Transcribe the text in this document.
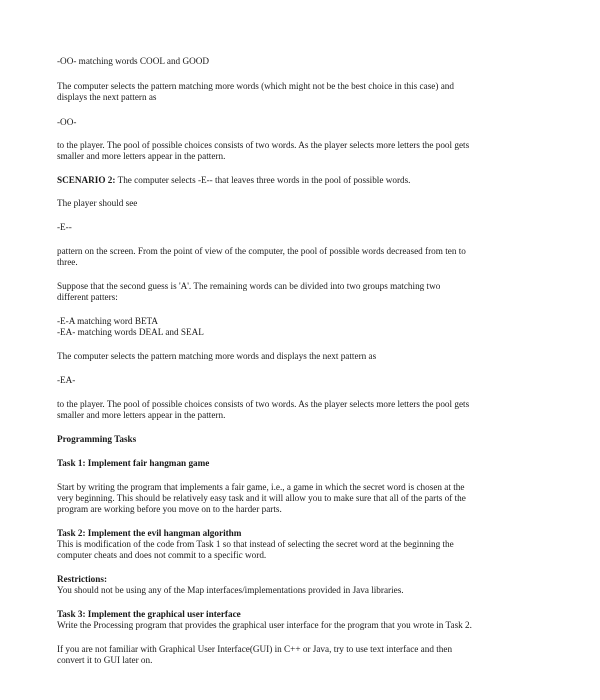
-OO- matching words COOL and GOOD

The computer selects the pattern matching more words (which might not be the best choice in this case) and

displays the next pattern as

-OO-

to the player. The pool of possible choices consists of two words. As the player selects more letters the pool gets

smaller and more letters appear in the pattern.

SCENARIO 2: The computer selects -E-- that leaves three words in the pool of possible words.

The player should see

-E--

pattern on the screen. From the point of view of the computer, the pool of possible words decreased from ten to

three.

Suppose that the second guess is 'A'. The remaining words can be divided into two groups matching two

different patters:

-E-A matching word BETA

-EA- matching words DEAL and SEAL

The computer selects the pattern matching more words and displays the next pattern as

-EA-

to the player. The pool of possible choices consists of two words. As the player selects more letters the pool gets

smaller and more letters appear in the pattern.

Programming Tasks

Task 1: Implement fair hangman game

Start by writing the program that implements a fair game, i.e., a game in which the secret word is chosen at the

very beginning. This should be relatively easy task and it will allow you to make sure that all of the parts of the

program are working before you move on to the harder parts.

Task 2: Implement the evil hangman algorithm

This is modification of the code from Task 1 so that instead of selecting the secret word at the beginning the

computer cheats and does not commit to a specific word.

Restrictions:

You should not be using any of the Map interfaces/implementations provided in Java libraries.

Task 3: Implement the graphical user interface

Write the Processing program that provides the graphical user interface for the program that you wrote in Task 2.

If you are not familiar with Graphical User Interface(GUI) in C++ or Java, try to use text interface and then

convert it to GUI later on.
